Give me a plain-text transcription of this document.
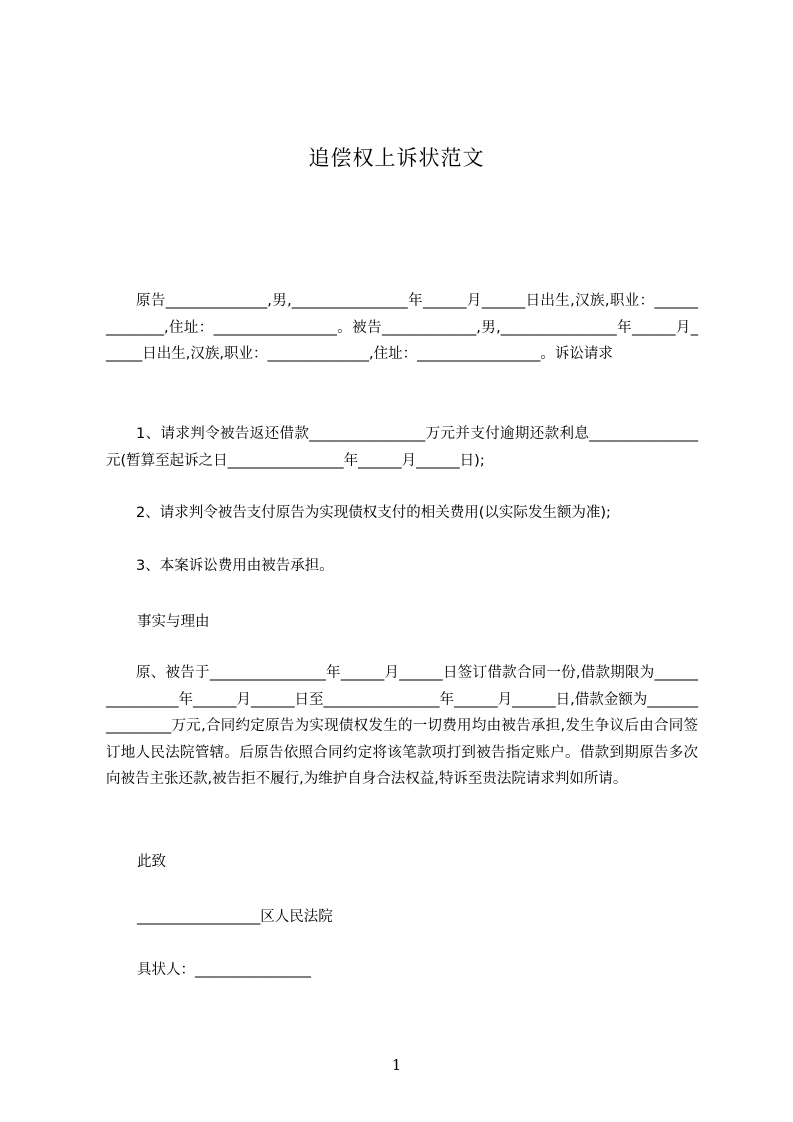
追偿权上诉状范文
原告______________,男,________________年______月______日出生,汉族,职业：______________,住址：_________________。被告_____________,男,________________年______月______日出生,汉族,职业：______________,住址：_________________。诉讼请求
1、请求判令被告返还借款________________万元并支付逾期还款利息_______________元(暂算至起诉之日________________年______月______日);
2、请求判令被告支付原告为实现债权支付的相关费用(以实际发生额为准);
3、本案诉讼费用由被告承担。
事实与理由
原、被告于________________年______月______日签订借款合同一份,借款期限为________________年______月______日至________________年______月______日,借款金额为________________万元,合同约定原告为实现债权发生的一切费用均由被告承担,发生争议后由合同签订地人民法院管辖。后原告依照合同约定将该笔款项打到被告指定账户。借款到期原告多次向被告主张还款,被告拒不履行,为维护自身合法权益,特诉至贵法院请求判如所请。
此致
_________________区人民法院
具状人：________________
1
